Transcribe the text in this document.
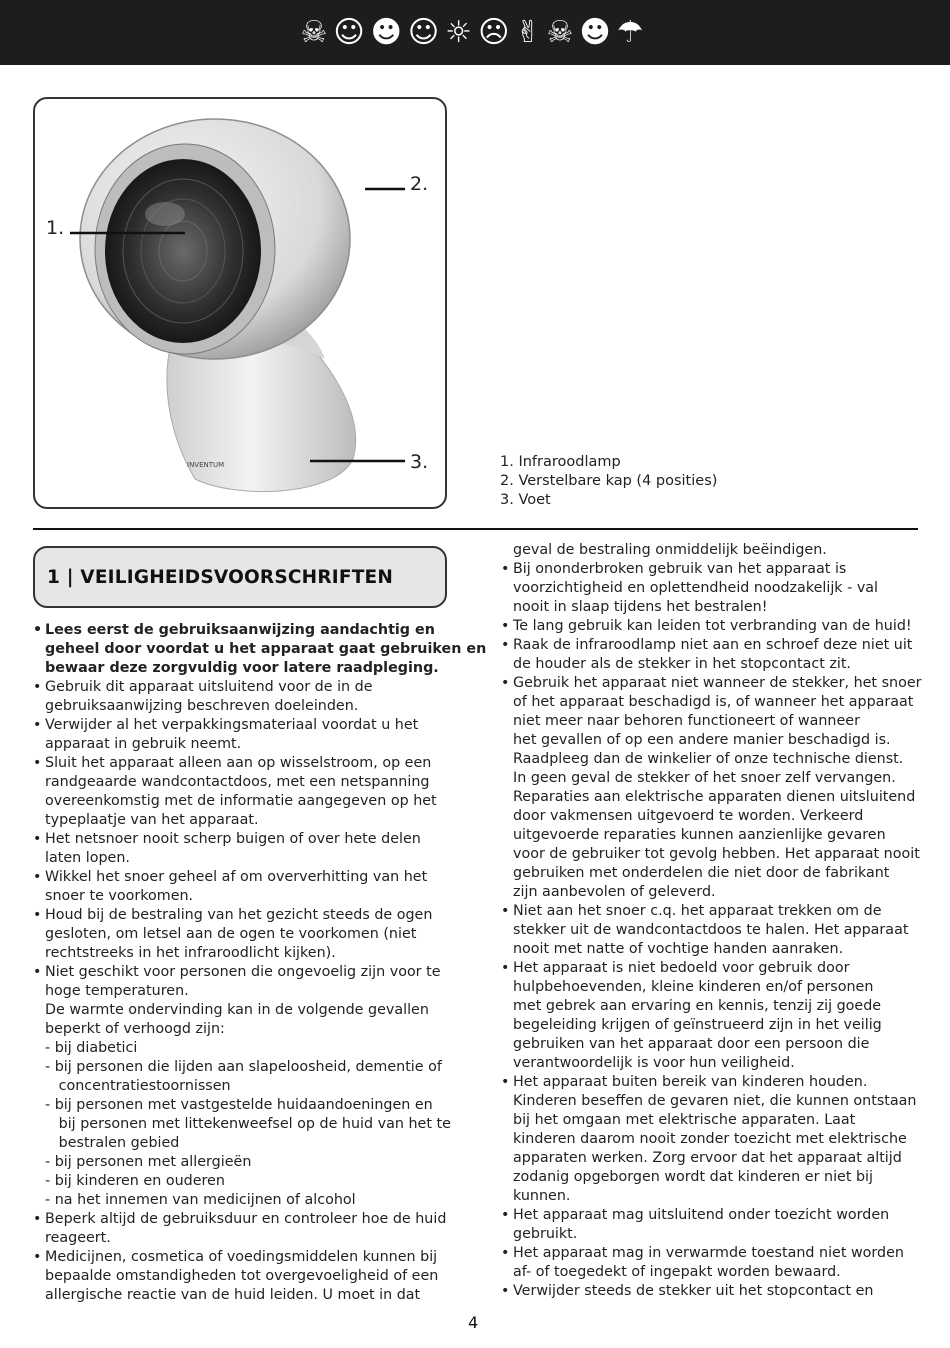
☠☺☻☺☼☹✌☠☻☂
INVENTUM
1.
2.
3.	1. Infraroodlamp
2. Verstelbare kap (4 posities)
3. Voet
1 | VEILIGHEIDSVOORSCHRIFTEN
• Lees eerst de gebruiksaanwijzing aandachtig en
geheel door voordat u het apparaat gaat gebruiken en
bewaar deze zorgvuldig voor latere raadpleging.
• Gebruik dit apparaat uitsluitend voor de in de
gebruiksaanwijzing beschreven doeleinden.
• Verwijder al het verpakkingsmateriaal voordat u het
apparaat in gebruik neemt.
• Sluit het apparaat alleen aan op wisselstroom, op een
randgeaarde wandcontactdoos, met een netspanning
overeenkomstig met de informatie aangegeven op het
typeplaatje van het apparaat.
• Het netsnoer nooit scherp buigen of over hete delen
laten lopen.
• Wikkel het snoer geheel af om oververhitting van het
snoer te voorkomen.
• Houd bij de bestraling van het gezicht steeds de ogen
gesloten, om letsel aan de ogen te voorkomen (niet
rechtstreeks in het infraroodlicht kijken).
• Niet geschikt voor personen die ongevoelig zijn voor te
hoge temperaturen.
De warmte ondervinding kan in de volgende gevallen
beperkt of verhoogd zijn:
- bij diabetici
- bij personen die lijden aan slapeloosheid, dementie of
concentratiestoornissen
- bij personen met vastgestelde huidaandoeningen en
bij personen met littekenweefsel op de huid van het te
bestralen gebied
- bij personen met allergieën
- bij kinderen en ouderen
- na het innemen van medicijnen of alcohol
• Beperk altijd de gebruiksduur en controleer hoe de huid
reageert.
• Medicijnen, cosmetica of voedingsmiddelen kunnen bij
bepaalde omstandigheden tot overgevoeligheid of een
allergische reactie van de huid leiden. U moet in dat
geval de bestraling onmiddelijk beëindigen.
• Bij ononderbroken gebruik van het apparaat is
voorzichtigheid en oplettendheid noodzakelijk - val
nooit in slaap tijdens het bestralen!
• Te lang gebruik kan leiden tot verbranding van de huid!
• Raak de infraroodlamp niet aan en schroef deze niet uit
de houder als de stekker in het stopcontact zit.
• Gebruik het apparaat niet wanneer de stekker, het snoer
of het apparaat beschadigd is, of wanneer het apparaat
niet meer naar behoren functioneert of wanneer
het gevallen of op een andere manier beschadigd is.
Raadpleeg dan de winkelier of onze technische dienst.
In geen geval de stekker of het snoer zelf vervangen.
Reparaties aan elektrische apparaten dienen uitsluitend
door vakmensen uitgevoerd te worden. Verkeerd
uitgevoerde reparaties kunnen aanzienlijke gevaren
voor de gebruiker tot gevolg hebben. Het apparaat nooit
gebruiken met onderdelen die niet door de fabrikant
zijn aanbevolen of geleverd.
• Niet aan het snoer c.q. het apparaat trekken om de
stekker uit de wandcontactdoos te halen. Het apparaat
nooit met natte of vochtige handen aanraken.
• Het apparaat is niet bedoeld voor gebruik door
hulpbehoevenden, kleine kinderen en/of personen
met gebrek aan ervaring en kennis, tenzij zij goede
begeleiding krijgen of geïnstrueerd zijn in het veilig
gebruiken van het apparaat door een persoon die
verantwoordelijk is voor hun veiligheid.
• Het apparaat buiten bereik van kinderen houden.
Kinderen beseffen de gevaren niet, die kunnen ontstaan
bij het omgaan met elektrische apparaten. Laat
kinderen daarom nooit zonder toezicht met elektrische
apparaten werken. Zorg ervoor dat het apparaat altijd
zodanig opgeborgen wordt dat kinderen er niet bij
kunnen.
• Het apparaat mag uitsluitend onder toezicht worden
gebruikt.
• Het apparaat mag in verwarmde toestand niet worden
af- of toegedekt of ingepakt worden bewaard.
• Verwijder steeds de stekker uit het stopcontact en
4
